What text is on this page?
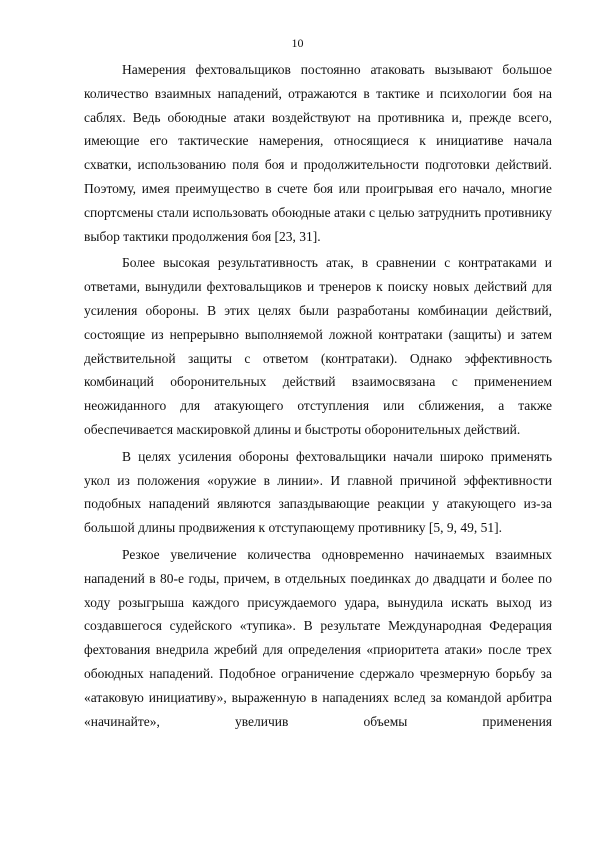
10

Намерения фехтовальщиков постоянно атаковать вызывают большое количество взаимных нападений, отражаются в тактике и психологии боя на саблях. Ведь обоюдные атаки воздействуют на противника и, прежде всего, имеющие его тактические намерения, относящиеся к инициативе начала схватки, использованию поля боя и продолжительности подготовки действий. Поэтому, имея преимущество в счете боя или проигрывая его начало, многие спортсмены стали использовать обоюдные атаки с целью затруднить противнику выбор тактики продолжения боя [23, 31].

Более высокая результативность атак, в сравнении с контратаками и ответами, вынудили фехтовальщиков и тренеров к поиску новых действий для усиления обороны. В этих целях были разработаны комбинации действий, состоящие из непрерывно выполняемой ложной контратаки (защиты) и затем действительной защиты с ответом (контратаки). Однако эффективность комбинаций оборонительных действий взаимосвязана с применением неожиданного для атакующего отступления или сближения, а также обеспечивается маскировкой длины и быстроты оборонительных действий.

В целях усиления обороны фехтовальщики начали широко применять укол из положения «оружие в линии». И главной причиной эффективности подобных нападений являются запаздывающие реакции у атакующего из-за большой длины продвижения к отступающему противнику [5, 9, 49, 51].

Резкое увеличение количества одновременно начинаемых взаимных нападений в 80-е годы, причем, в отдельных поединках до двадцати и более по ходу розыгрыша каждого присуждаемого удара, вынудила искать выход из создавшегося судейского «тупика». В результате Международная Федерация фехтования внедрила жребий для определения «приоритета атаки» после трех обоюдных нападений. Подобное ограничение сдержало чрезмерную борьбу за «атаковую инициативу», выраженную в нападениях вслед за командой арбитра «начинайте», увеличив объемы применения
